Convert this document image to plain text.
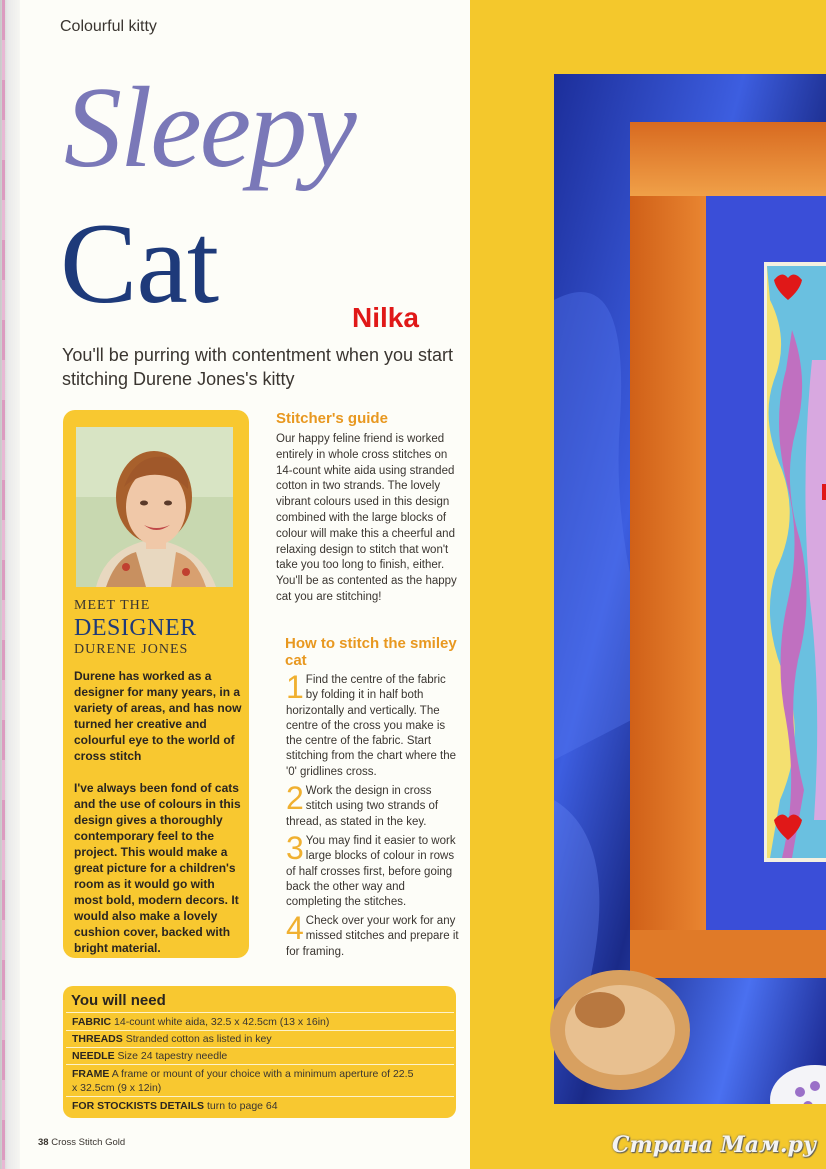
Colourful kitty
Sleepy
Cat	Nilka
You'll be purring with contentment when you start stitching Durene Jones's kitty
MEET THE
DESIGNER
DURENE JONES
Durene has worked as a designer for many years, in a variety of areas, and has now turned her creative and colourful eye to the world of cross stitch
I've always been fond of cats and the use of colours in this design gives a thoroughly contemporary feel to the project. This would make a great picture for a children's room as it would go with most bold, modern decors. It would also make a lovely cushion cover, backed with bright material.
Stitcher's guide
Our happy feline friend is worked entirely in whole cross stitches on 14-count white aida using stranded cotton in two strands. The lovely vibrant colours used in this design combined with the large blocks of colour will make this a cheerful and relaxing design to stitch that won't take you too long to finish, either. You'll be as contented as the happy cat you are stitching!
How to stitch the smiley cat
1 Find the centre of the fabric by folding it in half both horizontally and vertically. The centre of the cross you make is the centre of the fabric. Start stitching from the chart where the '0' gridlines cross.
2 Work the design in cross stitch using two strands of thread, as stated in the key.
3 You may find it easier to work large blocks of colour in rows of half crosses first, before going back the other way and completing the stitches.
4 Check over your work for any missed stitches and prepare it for framing.
You will need
FABRIC 14-count white aida, 32.5 x 42.5cm (13 x 16in)
THREADS Stranded cotton as listed in key
NEEDLE Size 24 tapestry needle
FRAME A frame or mount of your choice with a minimum aperture of 22.5 x 32.5cm (9 x 12in)
FOR STOCKISTS DETAILS turn to page 64
38 Cross Stitch Gold	Страна Мам.ру
